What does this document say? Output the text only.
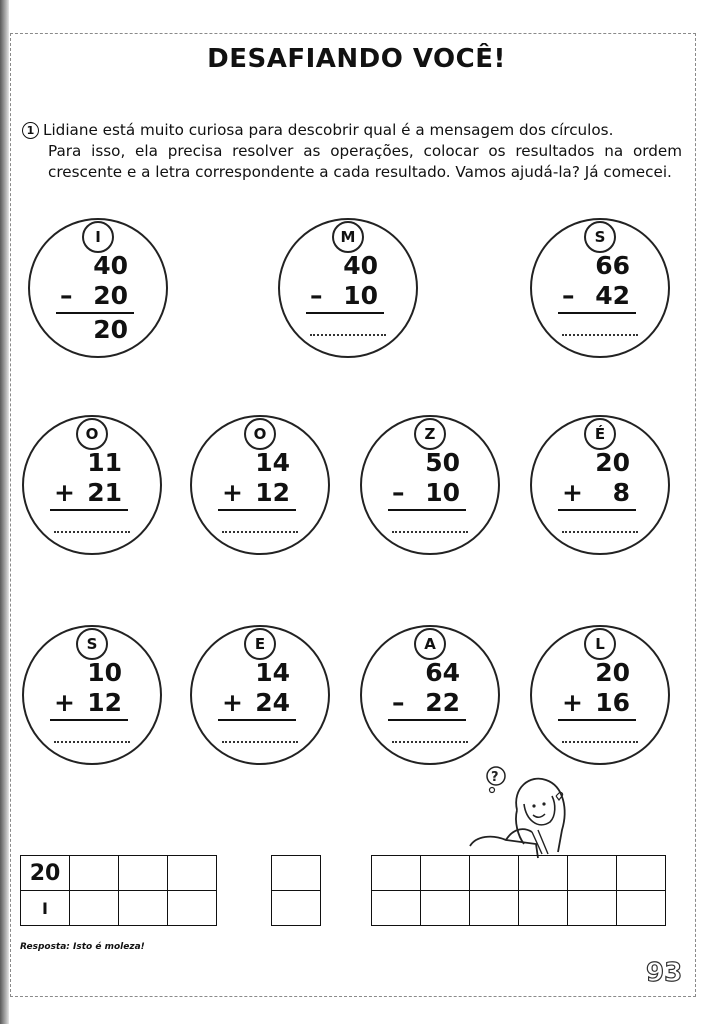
DESAFIANDO VOCÊ!

1 Lidiane está muito curiosa para descobrir qual é a mensagem dos círculos.
Para isso, ela precisa resolver as operações, colocar os resultados na ordem crescente e a letra correspondente a cada resultado. Vamos ajudá-la? Já comecei.

I
40
– 20
20
M
40
– 10
S
66
– 42
O
11
+ 21
O
14
+ 12
Z
50
– 10
É
20
+	8
S
10
+ 12
E
14
+ 24
A
64
– 22
L
20
+ 16
?
20			
I			

Resposta: Isto é moleza!
93
